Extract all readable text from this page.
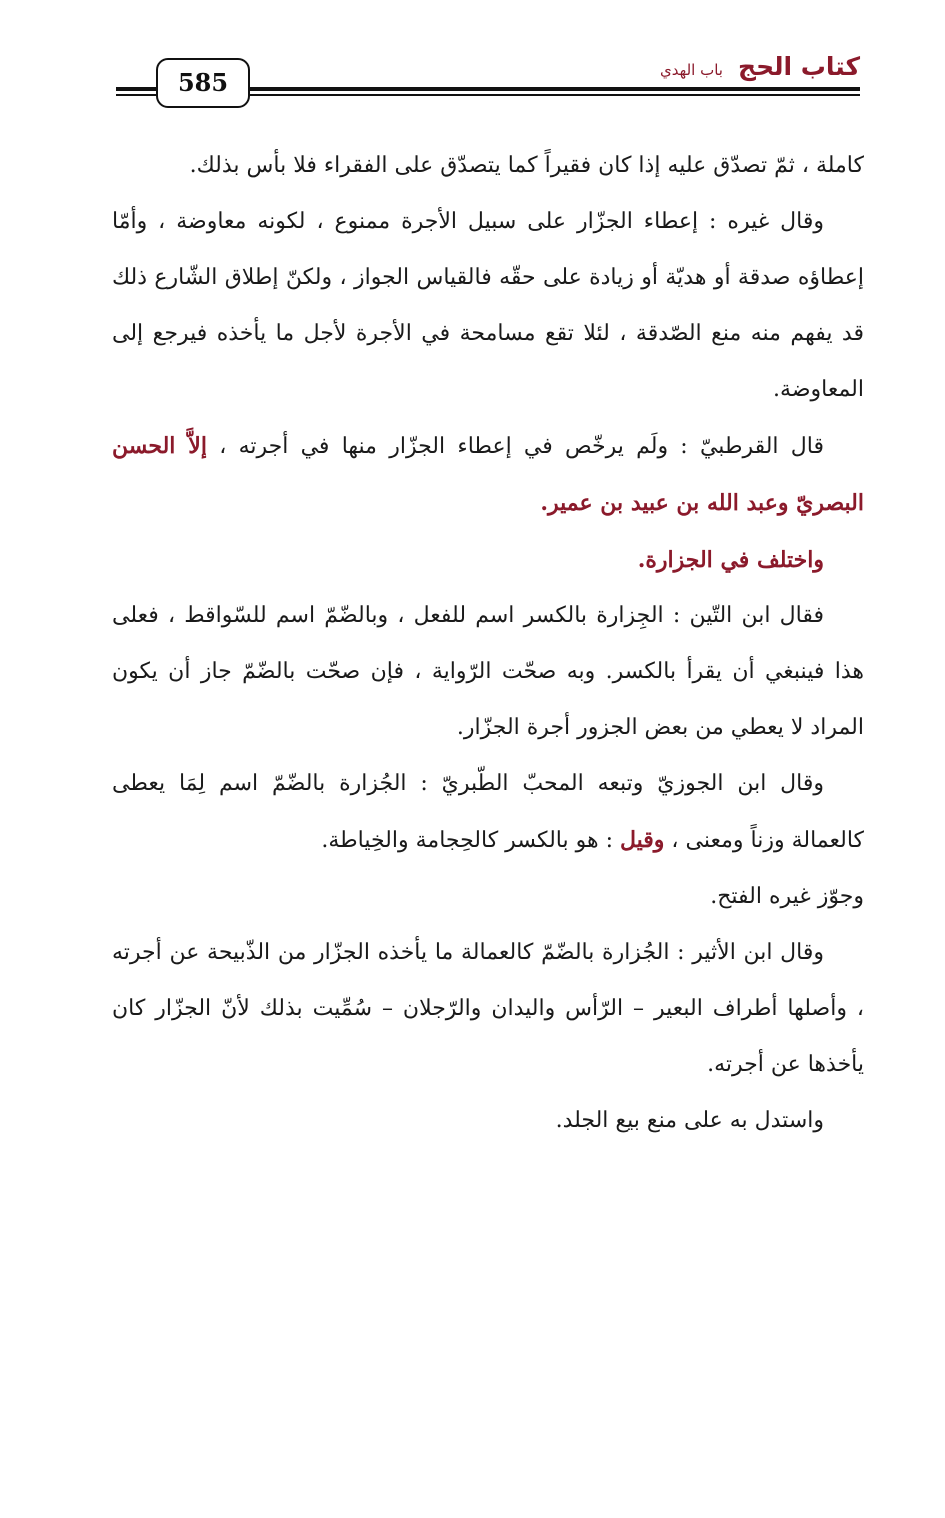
كتاب الحج باب الهدي
585

كاملة ، ثمّ تصدّق عليه إذا كان فقيراً كما يتصدّق على الفقراء فلا بأس بذلك.

وقال غيره : إعطاء الجزّار على سبيل الأجرة ممنوع ، لكونه معاوضة ، وأمّا إعطاؤه صدقة أو هديّة أو زيادة على حقّه فالقياس الجواز ، ولكنّ إطلاق الشّارع ذلك قد يفهم منه منع الصّدقة ، لئلا تقع مسامحة في الأجرة لأجل ما يأخذه فيرجع إلى المعاوضة.

قال القرطبيّ : ولَم يرخّص في إعطاء الجزّار منها في أجرته ، إلاَّ الحسن البصريّ وعبد الله بن عبيد بن عمير.

واختلف في الجزارة.

فقال ابن التّين : الجِزارة بالكسر اسم للفعل ، وبالضّمّ اسم للسّواقط ، فعلى هذا فينبغي أن يقرأ بالكسر. وبه صحّت الرّواية ، فإن صحّت بالضّمّ جاز أن يكون المراد لا يعطي من بعض الجزور أجرة الجزّار.

وقال ابن الجوزيّ وتبعه المحبّ الطّبريّ : الجُزارة بالضّمّ اسم لِمَا يعطى كالعمالة وزناً ومعنى ، وقيل : هو بالكسر كالحِجامة والخِياطة.

وجوّز غيره الفتح.

وقال ابن الأثير : الجُزارة بالضّمّ كالعمالة ما يأخذه الجزّار من الذّبيحة عن أجرته ، وأصلها أطراف البعير – الرّأس واليدان والرّجلان – سُمِّيت بذلك لأنّ الجزّار كان يأخذها عن أجرته.

واستدل به على منع بيع الجلد.
